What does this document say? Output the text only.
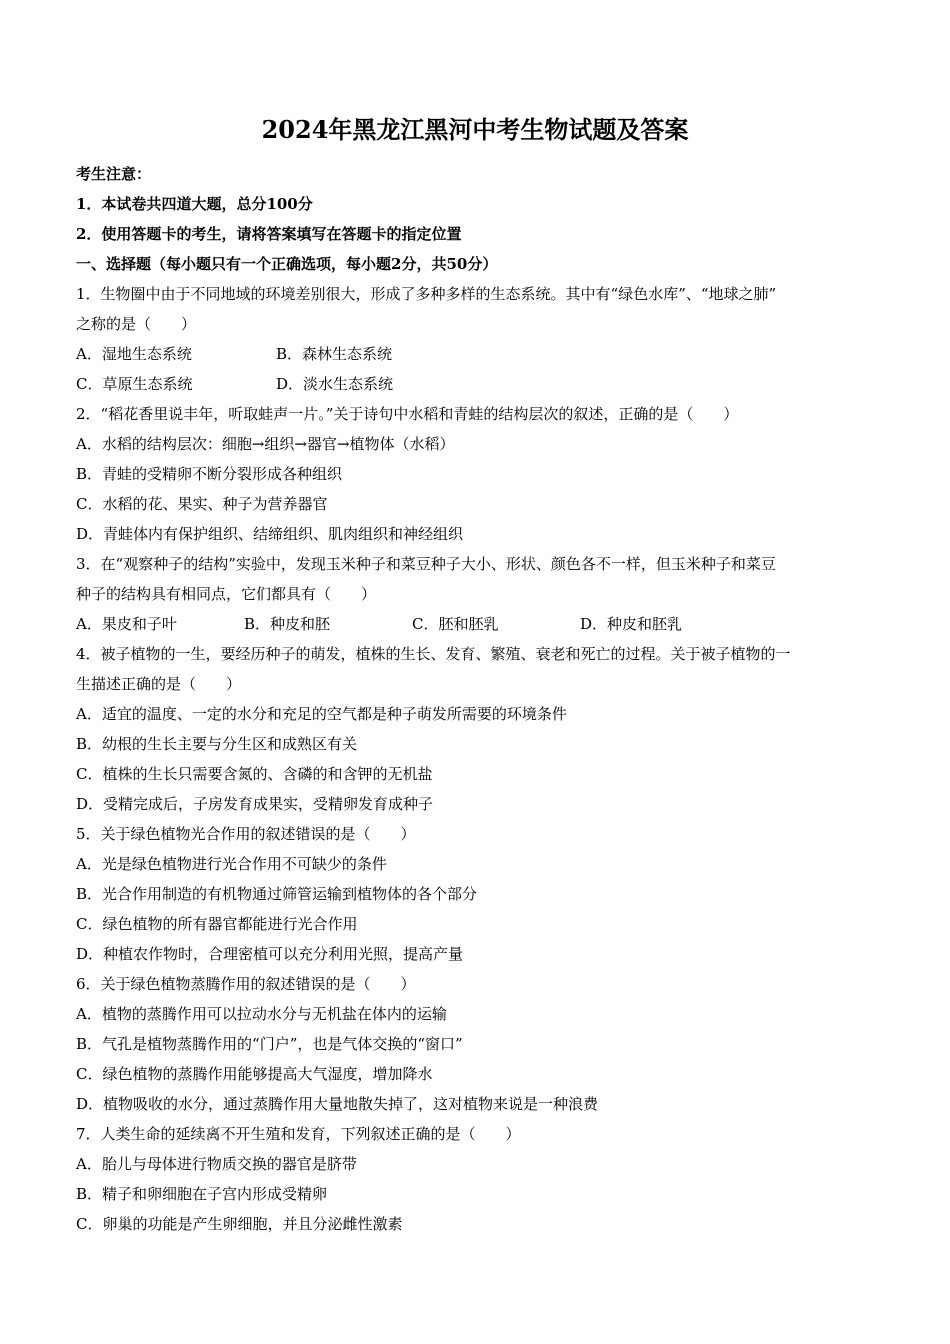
2024年黑龙江黑河中考生物试题及答案
考生注意：
1．本试卷共四道大题，总分100分
2．使用答题卡的考生，请将答案填写在答题卡的指定位置
一、选择题（每小题只有一个正确选项，每小题2分，共50分）
1．生物圈中由于不同地域的环境差别很大，形成了多种多样的生态系统。其中有“绿色水库”、“地球之肺”
之称的是（　　）
A．湿地生态系统	B．森林生态系统
C．草原生态系统	D．淡水生态系统
2．“稻花香里说丰年，听取蛙声一片。”关于诗句中水稻和青蛙的结构层次的叙述，正确的是（　　）
A．水稻的结构层次：细胞→组织→器官→植物体（水稻）
B．青蛙的受精卵不断分裂形成各种组织
C．水稻的花、果实、种子为营养器官
D．青蛙体内有保护组织、结缔组织、肌肉组织和神经组织
3．在“观察种子的结构”实验中，发现玉米种子和菜豆种子大小、形状、颜色各不一样，但玉米种子和菜豆
种子的结构具有相同点，它们都具有（　　）
A．果皮和子叶	B．种皮和胚	C．胚和胚乳	D．种皮和胚乳
4．被子植物的一生，要经历种子的萌发，植株的生长、发育、繁殖、衰老和死亡的过程。关于被子植物的一
生描述正确的是（　　）
A．适宜的温度、一定的水分和充足的空气都是种子萌发所需要的环境条件
B．幼根的生长主要与分生区和成熟区有关
C．植株的生长只需要含氮的、含磷的和含钾的无机盐
D．受精完成后，子房发育成果实，受精卵发育成种子
5．关于绿色植物光合作用的叙述错误的是（　　）
A．光是绿色植物进行光合作用不可缺少的条件
B．光合作用制造的有机物通过筛管运输到植物体的各个部分
C．绿色植物的所有器官都能进行光合作用
D．种植农作物时，合理密植可以充分利用光照，提高产量
6．关于绿色植物蒸腾作用的叙述错误的是（　　）
A．植物的蒸腾作用可以拉动水分与无机盐在体内的运输
B．气孔是植物蒸腾作用的“门户”，也是气体交换的“窗口”
C．绿色植物的蒸腾作用能够提高大气湿度，增加降水
D．植物吸收的水分，通过蒸腾作用大量地散失掉了，这对植物来说是一种浪费
7．人类生命的延续离不开生殖和发育，下列叙述正确的是（　　）
A．胎儿与母体进行物质交换的器官是脐带
B．精子和卵细胞在子宫内形成受精卵
C．卵巢的功能是产生卵细胞，并且分泌雌性激素
